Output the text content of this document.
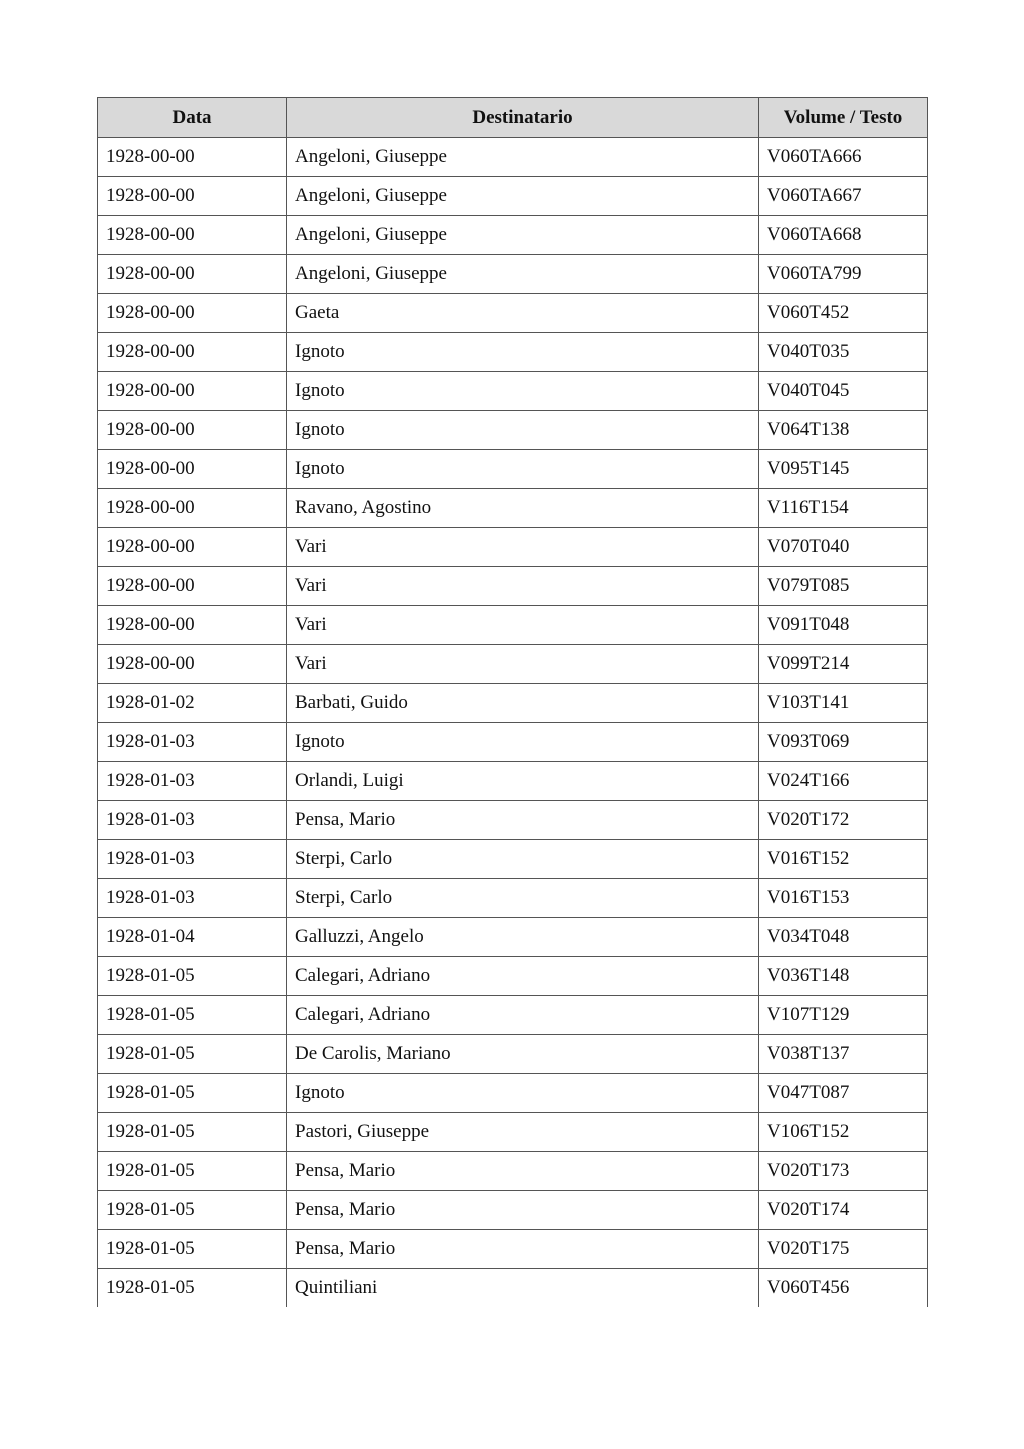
Data	Destinatario	Volume / Testo
1928-00-00	Angeloni, Giuseppe	V060TA666
1928-00-00	Angeloni, Giuseppe	V060TA667
1928-00-00	Angeloni, Giuseppe	V060TA668
1928-00-00	Angeloni, Giuseppe	V060TA799
1928-00-00	Gaeta	V060T452
1928-00-00	Ignoto	V040T035
1928-00-00	Ignoto	V040T045
1928-00-00	Ignoto	V064T138
1928-00-00	Ignoto	V095T145
1928-00-00	Ravano, Agostino	V116T154
1928-00-00	Vari	V070T040
1928-00-00	Vari	V079T085
1928-00-00	Vari	V091T048
1928-00-00	Vari	V099T214
1928-01-02	Barbati, Guido	V103T141
1928-01-03	Ignoto	V093T069
1928-01-03	Orlandi, Luigi	V024T166
1928-01-03	Pensa, Mario	V020T172
1928-01-03	Sterpi, Carlo	V016T152
1928-01-03	Sterpi, Carlo	V016T153
1928-01-04	Galluzzi, Angelo	V034T048
1928-01-05	Calegari, Adriano	V036T148
1928-01-05	Calegari, Adriano	V107T129
1928-01-05	De Carolis, Mariano	V038T137
1928-01-05	Ignoto	V047T087
1928-01-05	Pastori, Giuseppe	V106T152
1928-01-05	Pensa, Mario	V020T173
1928-01-05	Pensa, Mario	V020T174
1928-01-05	Pensa, Mario	V020T175
1928-01-05	Quintiliani	V060T456
